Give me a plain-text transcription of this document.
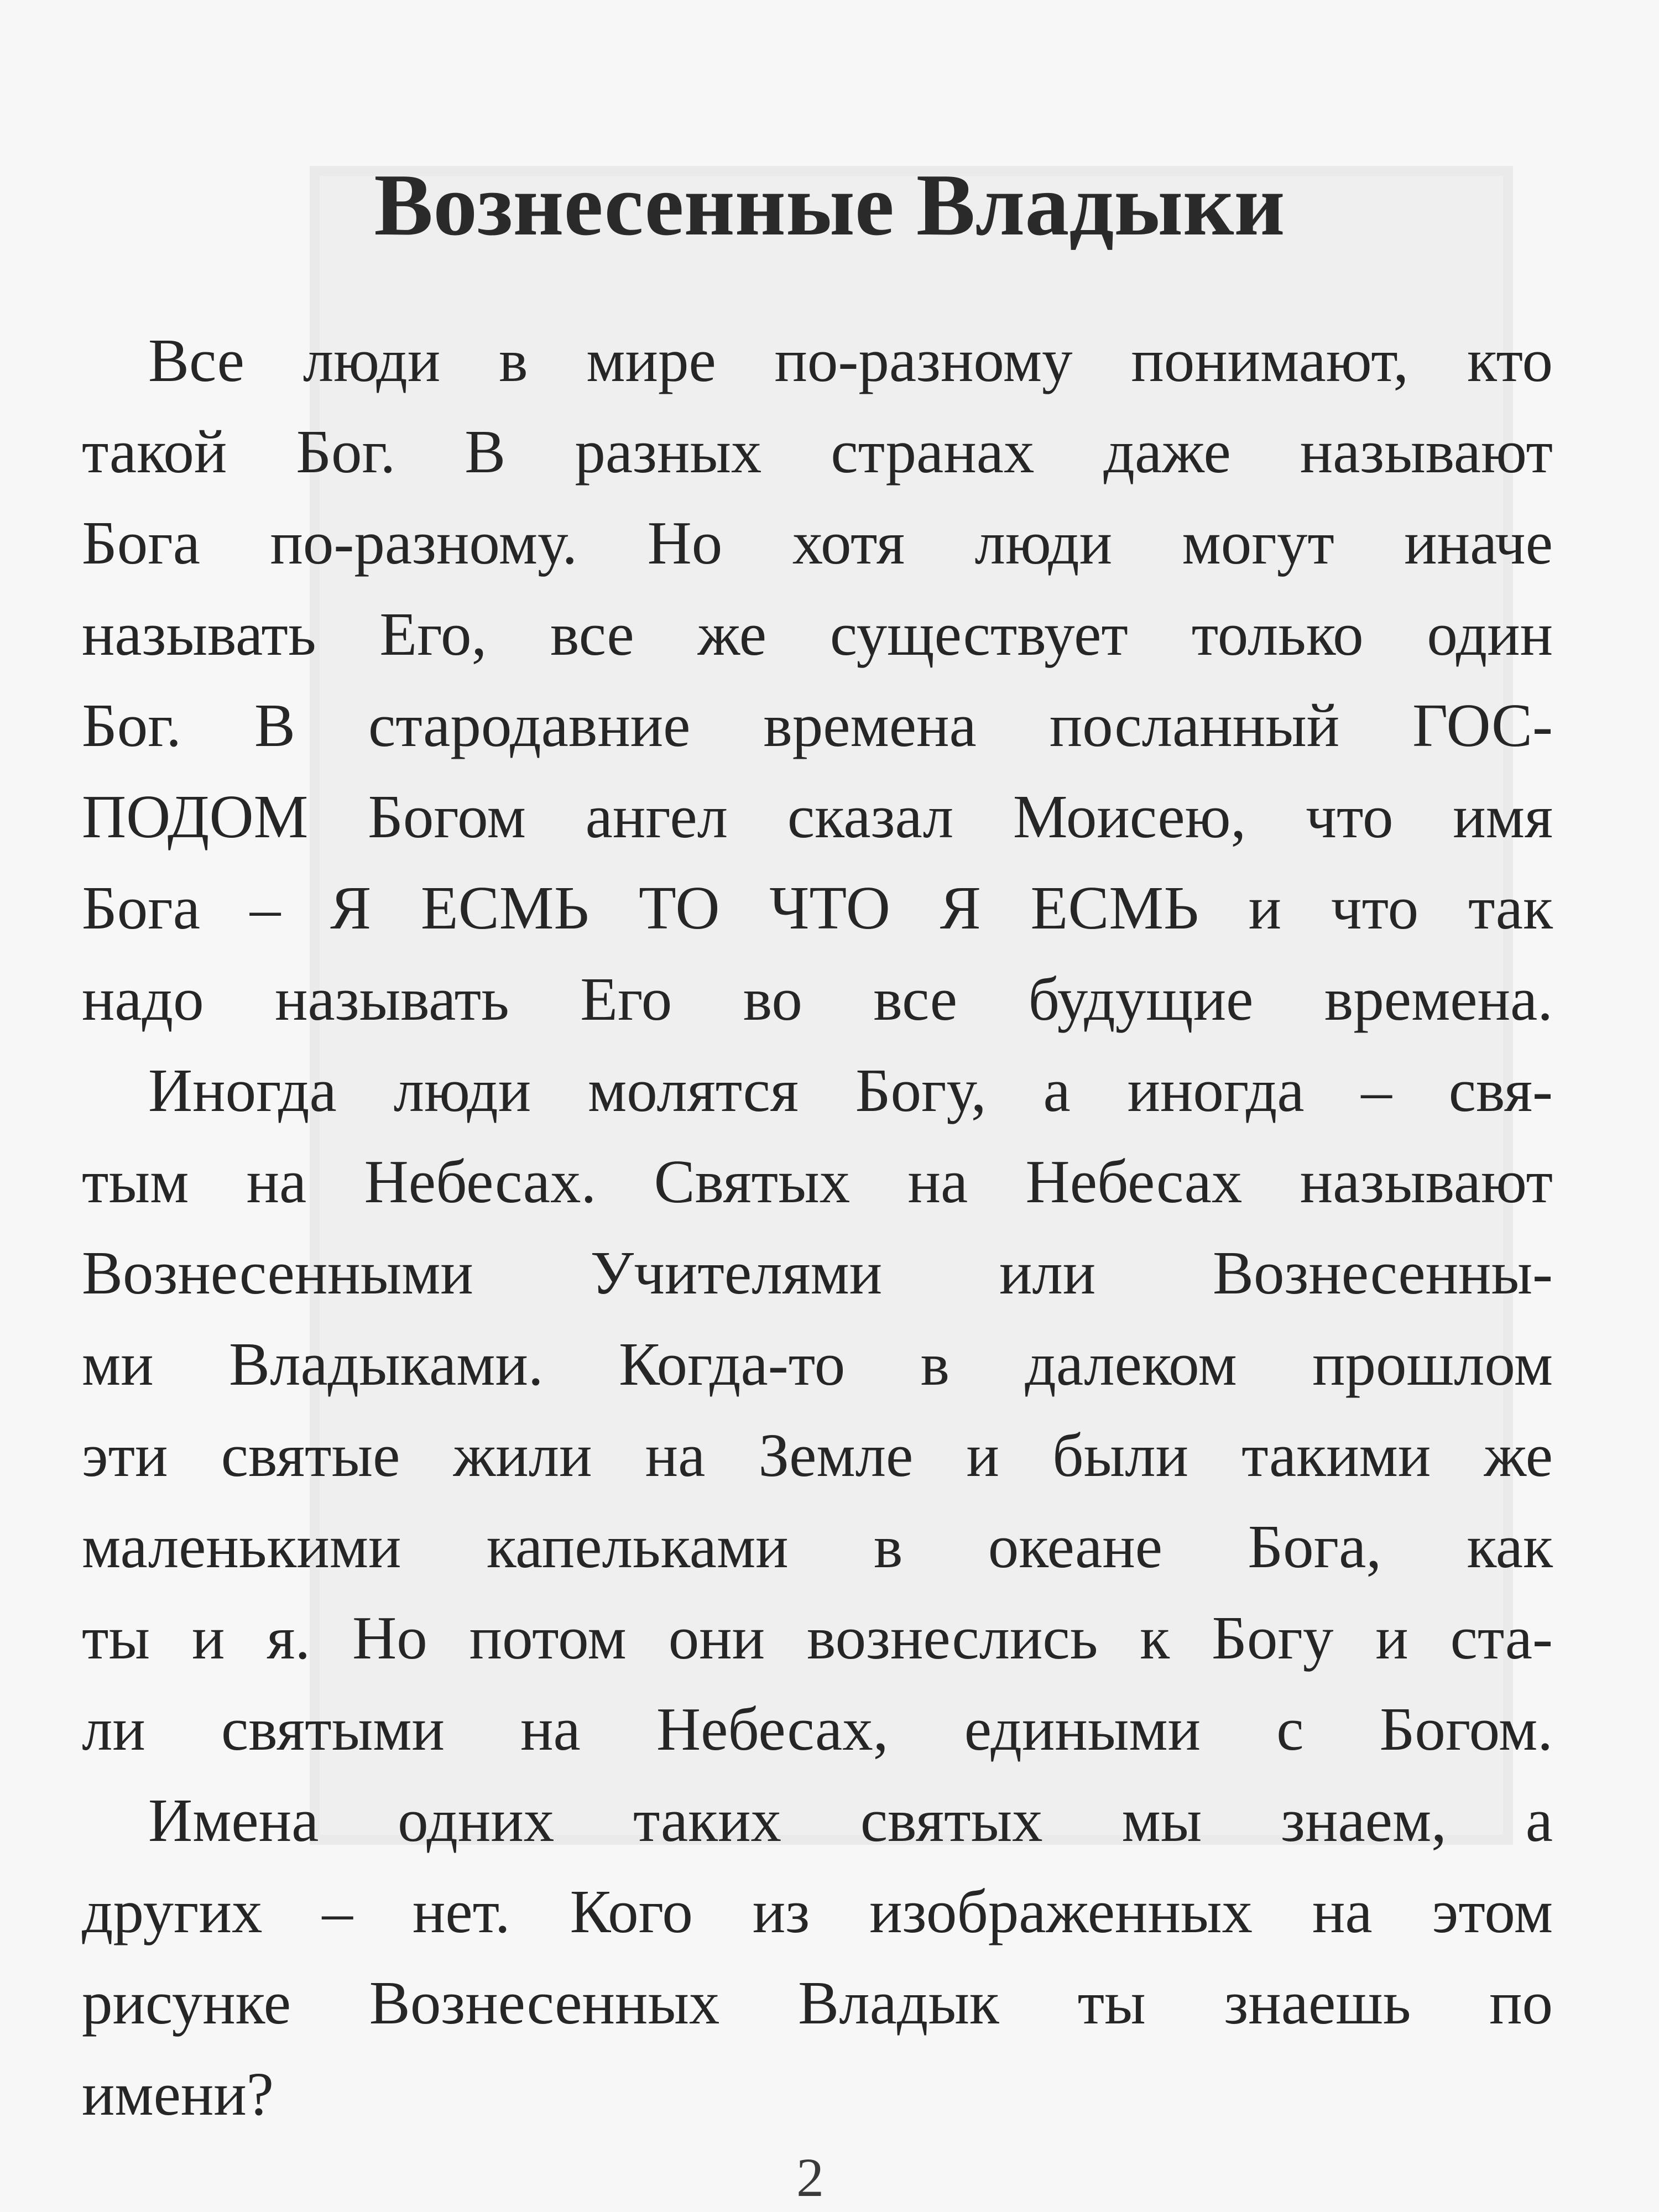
Вознесенные Владыки
Все люди в мире по-разному понимают, кто
такой Бог. В разных странах даже называют
Бога по-разному. Но хотя люди могут иначе
называть Его, все же существует только один
Бог. В стародавние времена посланный ГОС-
ПОДОМ Богом ангел сказал Моисею, что имя
Бога – Я ЕСМЬ ТО ЧТО Я ЕСМЬ и что так
надо называть Его во все будущие времена.
Иногда люди молятся Богу, а иногда – свя-
тым на Небесах. Святых на Небесах называют
Вознесенными Учителями или Вознесенны-
ми Владыками. Когда-то в далеком прошлом
эти святые жили на Земле и были такими же
маленькими капельками в океане Бога, как
ты и я. Но потом они вознеслись к Богу и ста-
ли святыми на Небесах, едиными с Богом.
Имена одних таких святых мы знаем, а
других – нет. Кого из изображенных на этом
рисунке Вознесенных Владык ты знаешь по
имени?
2
